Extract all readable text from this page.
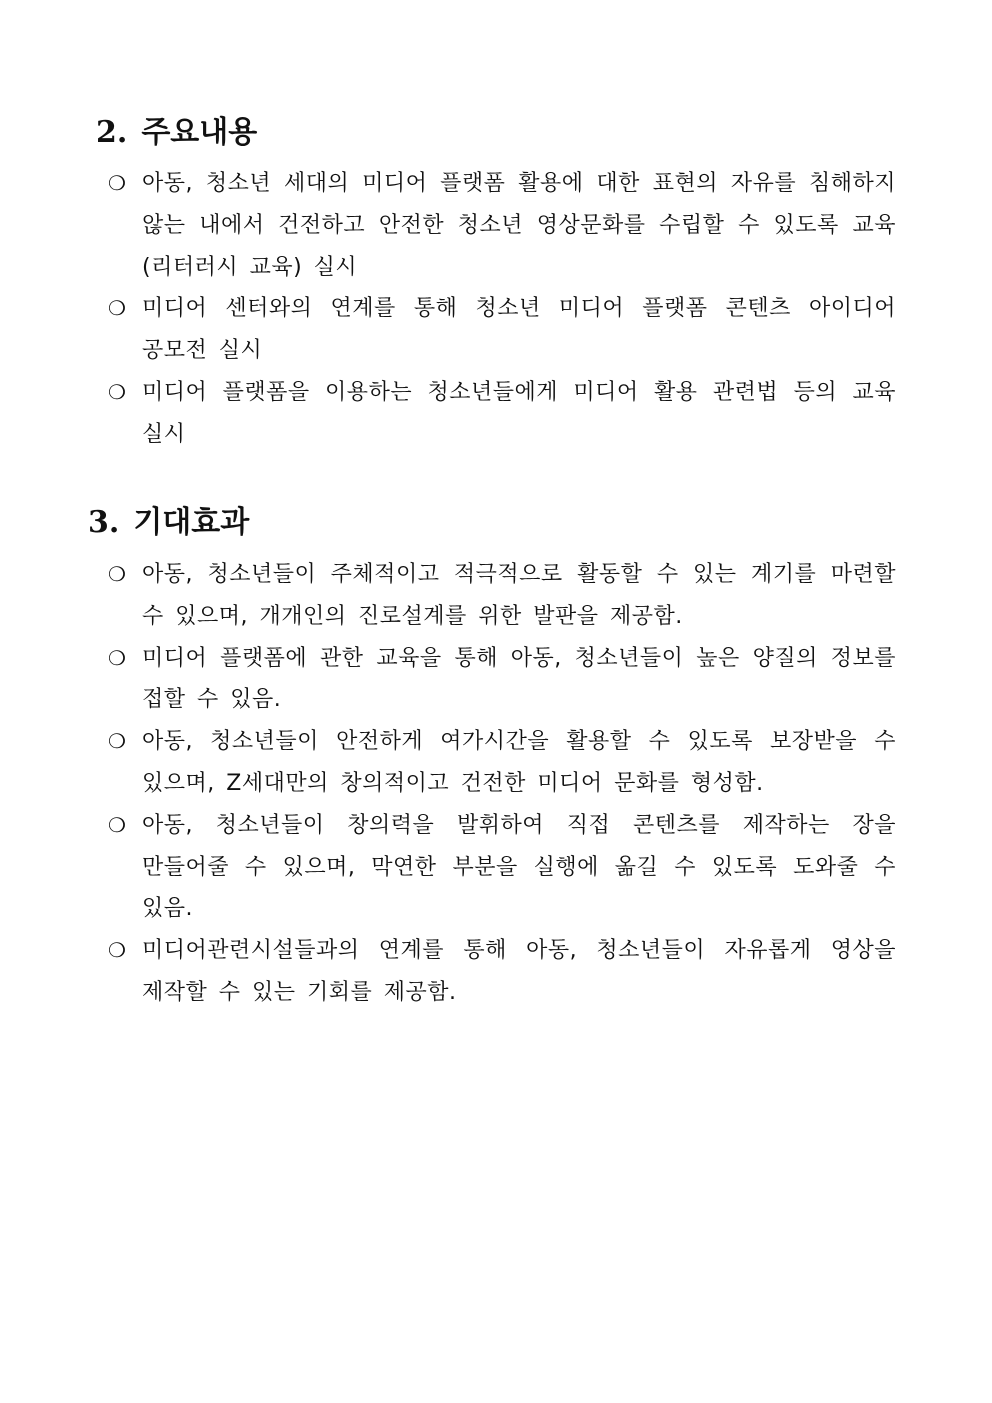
2. 주요내용
❍ 아동, 청소년 세대의 미디어 플랫폼 활용에 대한 표현의 자유를 침해하지 않는 내에서 건전하고 안전한 청소년 영상문화를 수립할 수 있도록 교육(리터러시 교육) 실시
❍ 미디어 센터와의 연계를 통해 청소년 미디어 플랫폼 콘텐츠 아이디어 공모전 실시
❍ 미디어 플랫폼을 이용하는 청소년들에게 미디어 활용 관련법 등의 교육 실시
3. 기대효과
❍ 아동, 청소년들이 주체적이고 적극적으로 활동할 수 있는 계기를 마련할 수 있으며, 개개인의 진로설계를 위한 발판을 제공함.
❍ 미디어 플랫폼에 관한 교육을 통해 아동, 청소년들이 높은 양질의 정보를 접할 수 있음.
❍ 아동, 청소년들이 안전하게 여가시간을 활용할 수 있도록 보장받을 수 있으며, Z세대만의 창의적이고 건전한 미디어 문화를 형성함.
❍ 아동, 청소년들이 창의력을 발휘하여 직접 콘텐츠를 제작하는 장을 만들어줄 수 있으며, 막연한 부분을 실행에 옮길 수 있도록 도와줄 수 있음.
❍ 미디어관련시설들과의 연계를 통해 아동, 청소년들이 자유롭게 영상을 제작할 수 있는 기회를 제공함.
